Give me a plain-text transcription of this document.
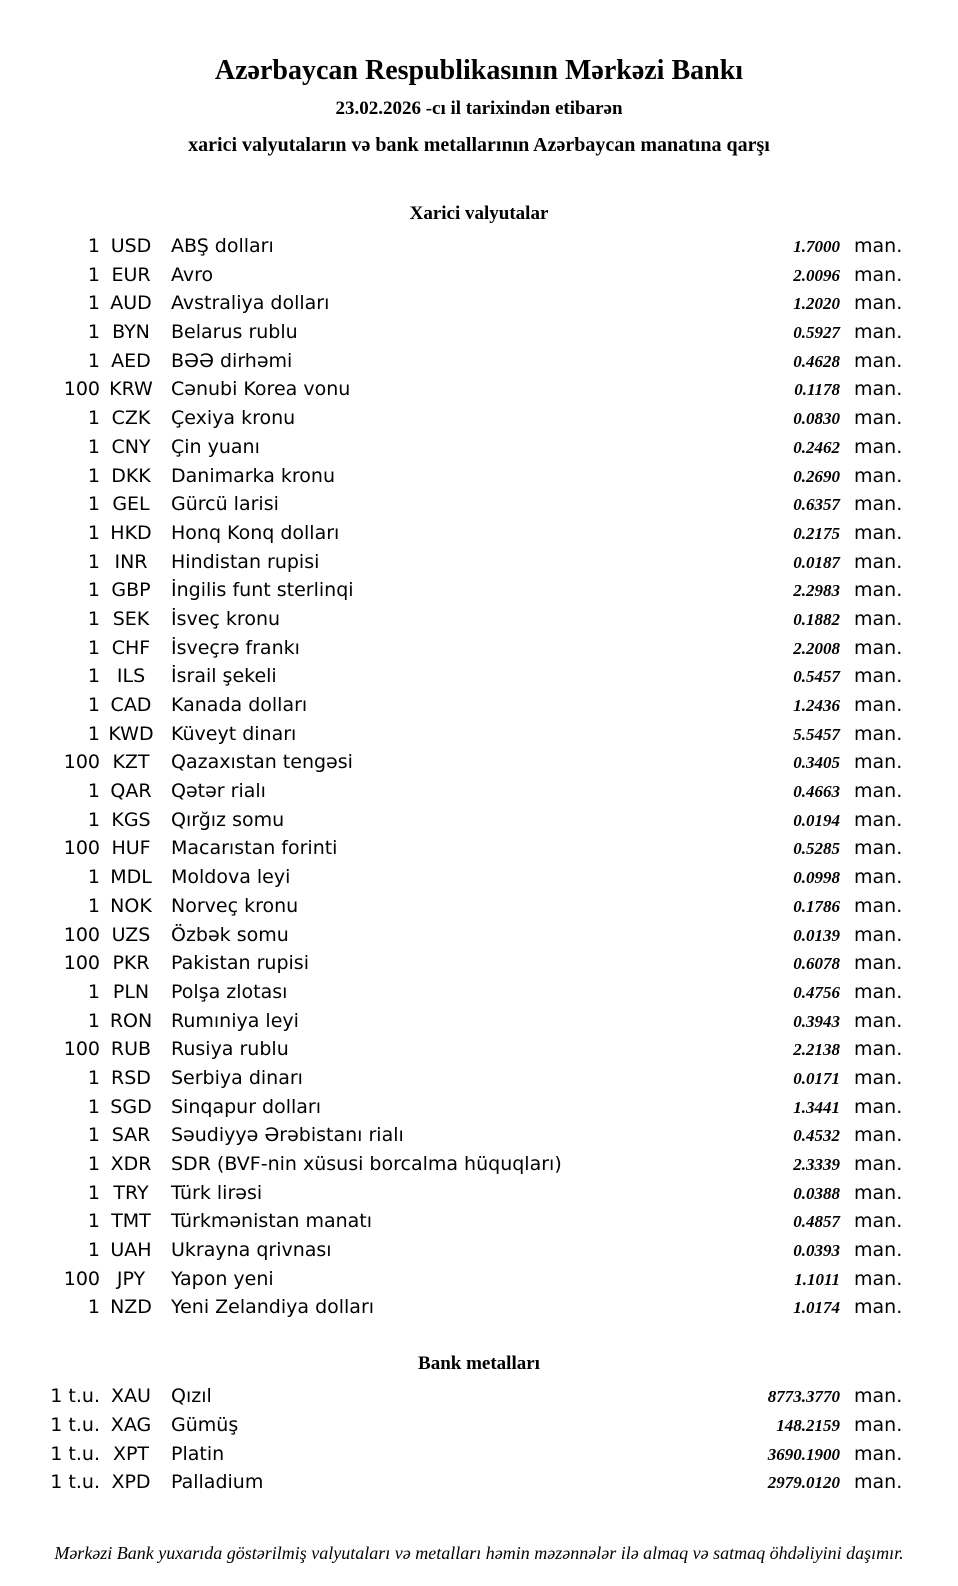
Azərbaycan Respublikasının Mərkəzi Bankı
23.02.2026 -cı il tarixindən etibarən
xarici valyutaların və bank metallarının Azərbaycan manatına qarşı
Xarici valyutalar
1 USD	ABŞ dolları	1.7000 man.
1 EUR	Avro	2.0096 man.
1 AUD	Avstraliya dolları	1.2020 man.
1 BYN	Belarus rublu	0.5927 man.
1 AED	BƏƏ dirhəmi	0.4628 man.
100 KRW Cənubi Korea vonu	0.1178 man.
1 CZK	Çexiya kronu	0.0830 man.
1 CNY	Çin yuanı	0.2462 man.
1 DKK	Danimarka kronu	0.2690 man.
1 GEL	Gürcü larisi	0.6357 man.
1 HKD	Honq Konq dolları	0.2175 man.
1 INR	Hindistan rupisi	0.0187 man.
1 GBP	İngilis funt sterlinqi	2.2983 man.
1 SEK	İsveç kronu	0.1882 man.
1 CHF	İsveçrə frankı	2.2008 man.
1 ILS	İsrail şekeli	0.5457 man.
1 CAD	Kanada dolları	1.2436 man.
1 KWD Küveyt dinarı	5.5457 man.
100 KZT	Qazaxıstan tengəsi	0.3405 man.
1 QAR	Qətər rialı	0.4663 man.
1 KGS	Qırğız somu	0.0194 man.
100 HUF	Macarıstan forinti	0.5285 man.
1 MDL	Moldova leyi	0.0998 man.
1 NOK	Norveç kronu	0.1786 man.
100 UZS	Özbək somu	0.0139 man.
100 PKR	Pakistan rupisi	0.6078 man.
1 PLN	Polşa zlotası	0.4756 man.
1 RON Rumıniya leyi	0.3943 man.
100 RUB	Rusiya rublu	2.2138 man.
1 RSD	Serbiya dinarı	0.0171 man.
1 SGD	Sinqapur dolları	1.3441 man.
1 SAR	Səudiyyə Ərəbistanı rialı	0.4532 man.
1 XDR	SDR (BVF-nin xüsusi borcalma hüquqları)	2.3339 man.
1 TRY	Türk lirəsi	0.0388 man.
1 TMT	Türkmənistan manatı	0.4857 man.
1 UAH	Ukrayna qrivnası	0.0393 man.
100 JPY	Yapon yeni	1.1011 man.
1 NZD	Yeni Zelandiya dolları	1.0174 man.
Bank metalları
1 t.u. XAU	Qızıl	8773.3770 man.
1 t.u. XAG	Gümüş	148.2159 man.
1 t.u. XPT	Platin	3690.1900 man.
1 t.u. XPD	Palladium	2979.0120 man.
Mərkəzi Bank yuxarıda göstərilmiş valyutaları və metalları həmin məzənnələr ilə almaq və satmaq öhdəliyini daşımır.
